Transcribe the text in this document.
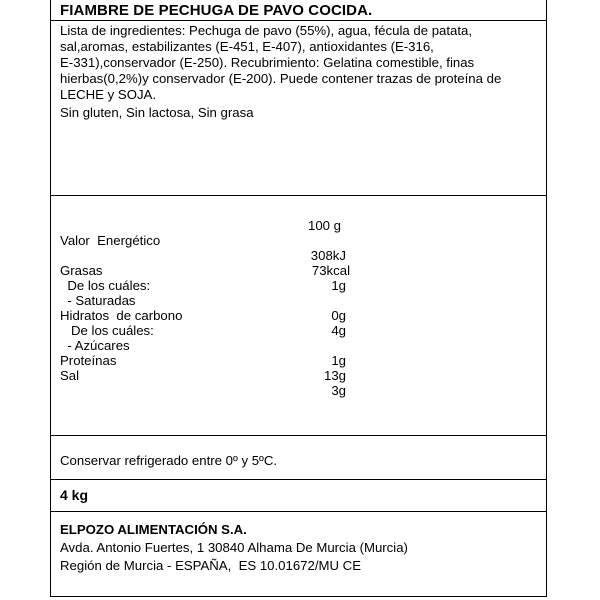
FIAMBRE DE PECHUGA DE PAVO COCIDA.

Lista de ingredientes: Pechuga de pavo (55%), agua, fécula de patata,

sal,aromas, estabilizantes (E-451, E-407), antioxidantes (E-316,

E-331),conservador (E-250). Recubrimiento: Gelatina comestible, finas

hierbas(0,2%)y conservador (E-200). Puede contener trazas de proteína de

LECHE y SOJA.

Sin gluten, Sin lactosa, Sin grasa

100 g

Valor  Energético

308kJ

73kcal

Grasas

1g

De los cuáles:

- Saturadas

0g

Hidratos  de carbono

4g

De los cuáles:

- Azúcares

1g

Proteínas

13g

Sal

3g

Conservar refrigerado entre 0º y 5ºC.
4 kg
ELPOZO ALIMENTACIÓN S.A.
Avda. Antonio Fuertes, 1 30840 Alhama De Murcia (Murcia)
Región de Murcia - ESPAÑA,  ES 10.01672/MU CE
